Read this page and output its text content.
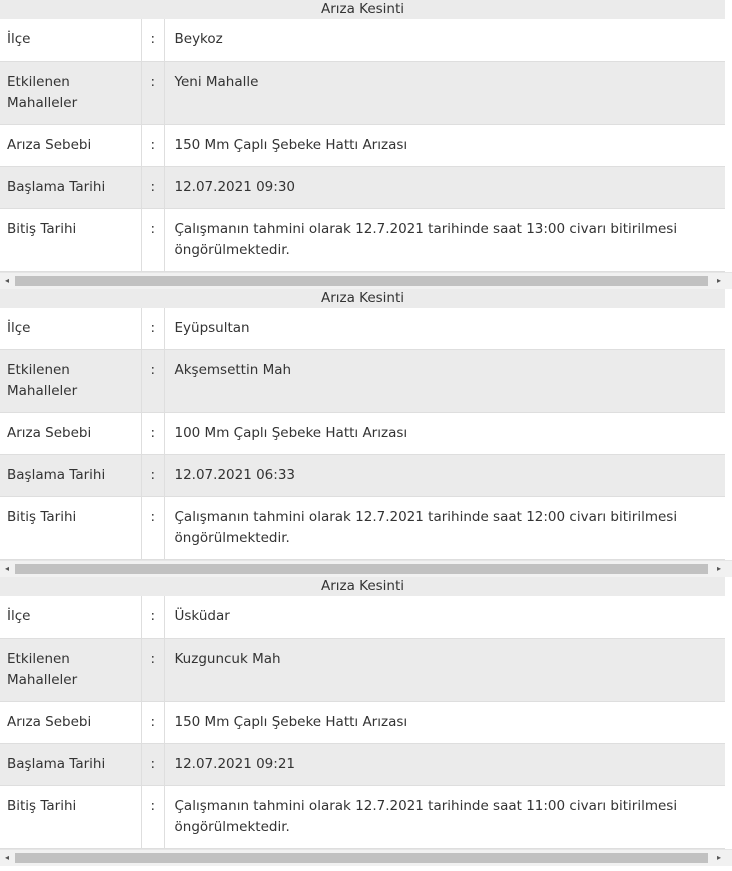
Arıza Kesinti
İlçe	:	Beykoz
Etkilenen Mahalleler	:	Yeni Mahalle
Arıza Sebebi	:	150 Mm Çaplı Şebeke Hattı Arızası
Başlama Tarihi	:	12.07.2021 09:30
Bitiş Tarihi	:	Çalışmanın tahmini olarak 12.7.2021 tarihinde saat 13:00 civarı bitirilmesi öngörülmektedir.
◂	▸
Arıza Kesinti
İlçe	:	Eyüpsultan
Etkilenen Mahalleler	:	Akşemsettin Mah
Arıza Sebebi	:	100 Mm Çaplı Şebeke Hattı Arızası
Başlama Tarihi	:	12.07.2021 06:33
Bitiş Tarihi	:	Çalışmanın tahmini olarak 12.7.2021 tarihinde saat 12:00 civarı bitirilmesi öngörülmektedir.
◂	▸
Arıza Kesinti
İlçe	:	Üsküdar
Etkilenen Mahalleler	:	Kuzguncuk Mah
Arıza Sebebi	:	150 Mm Çaplı Şebeke Hattı Arızası
Başlama Tarihi	:	12.07.2021 09:21
Bitiş Tarihi	:	Çalışmanın tahmini olarak 12.7.2021 tarihinde saat 11:00 civarı bitirilmesi öngörülmektedir.
◂	▸
